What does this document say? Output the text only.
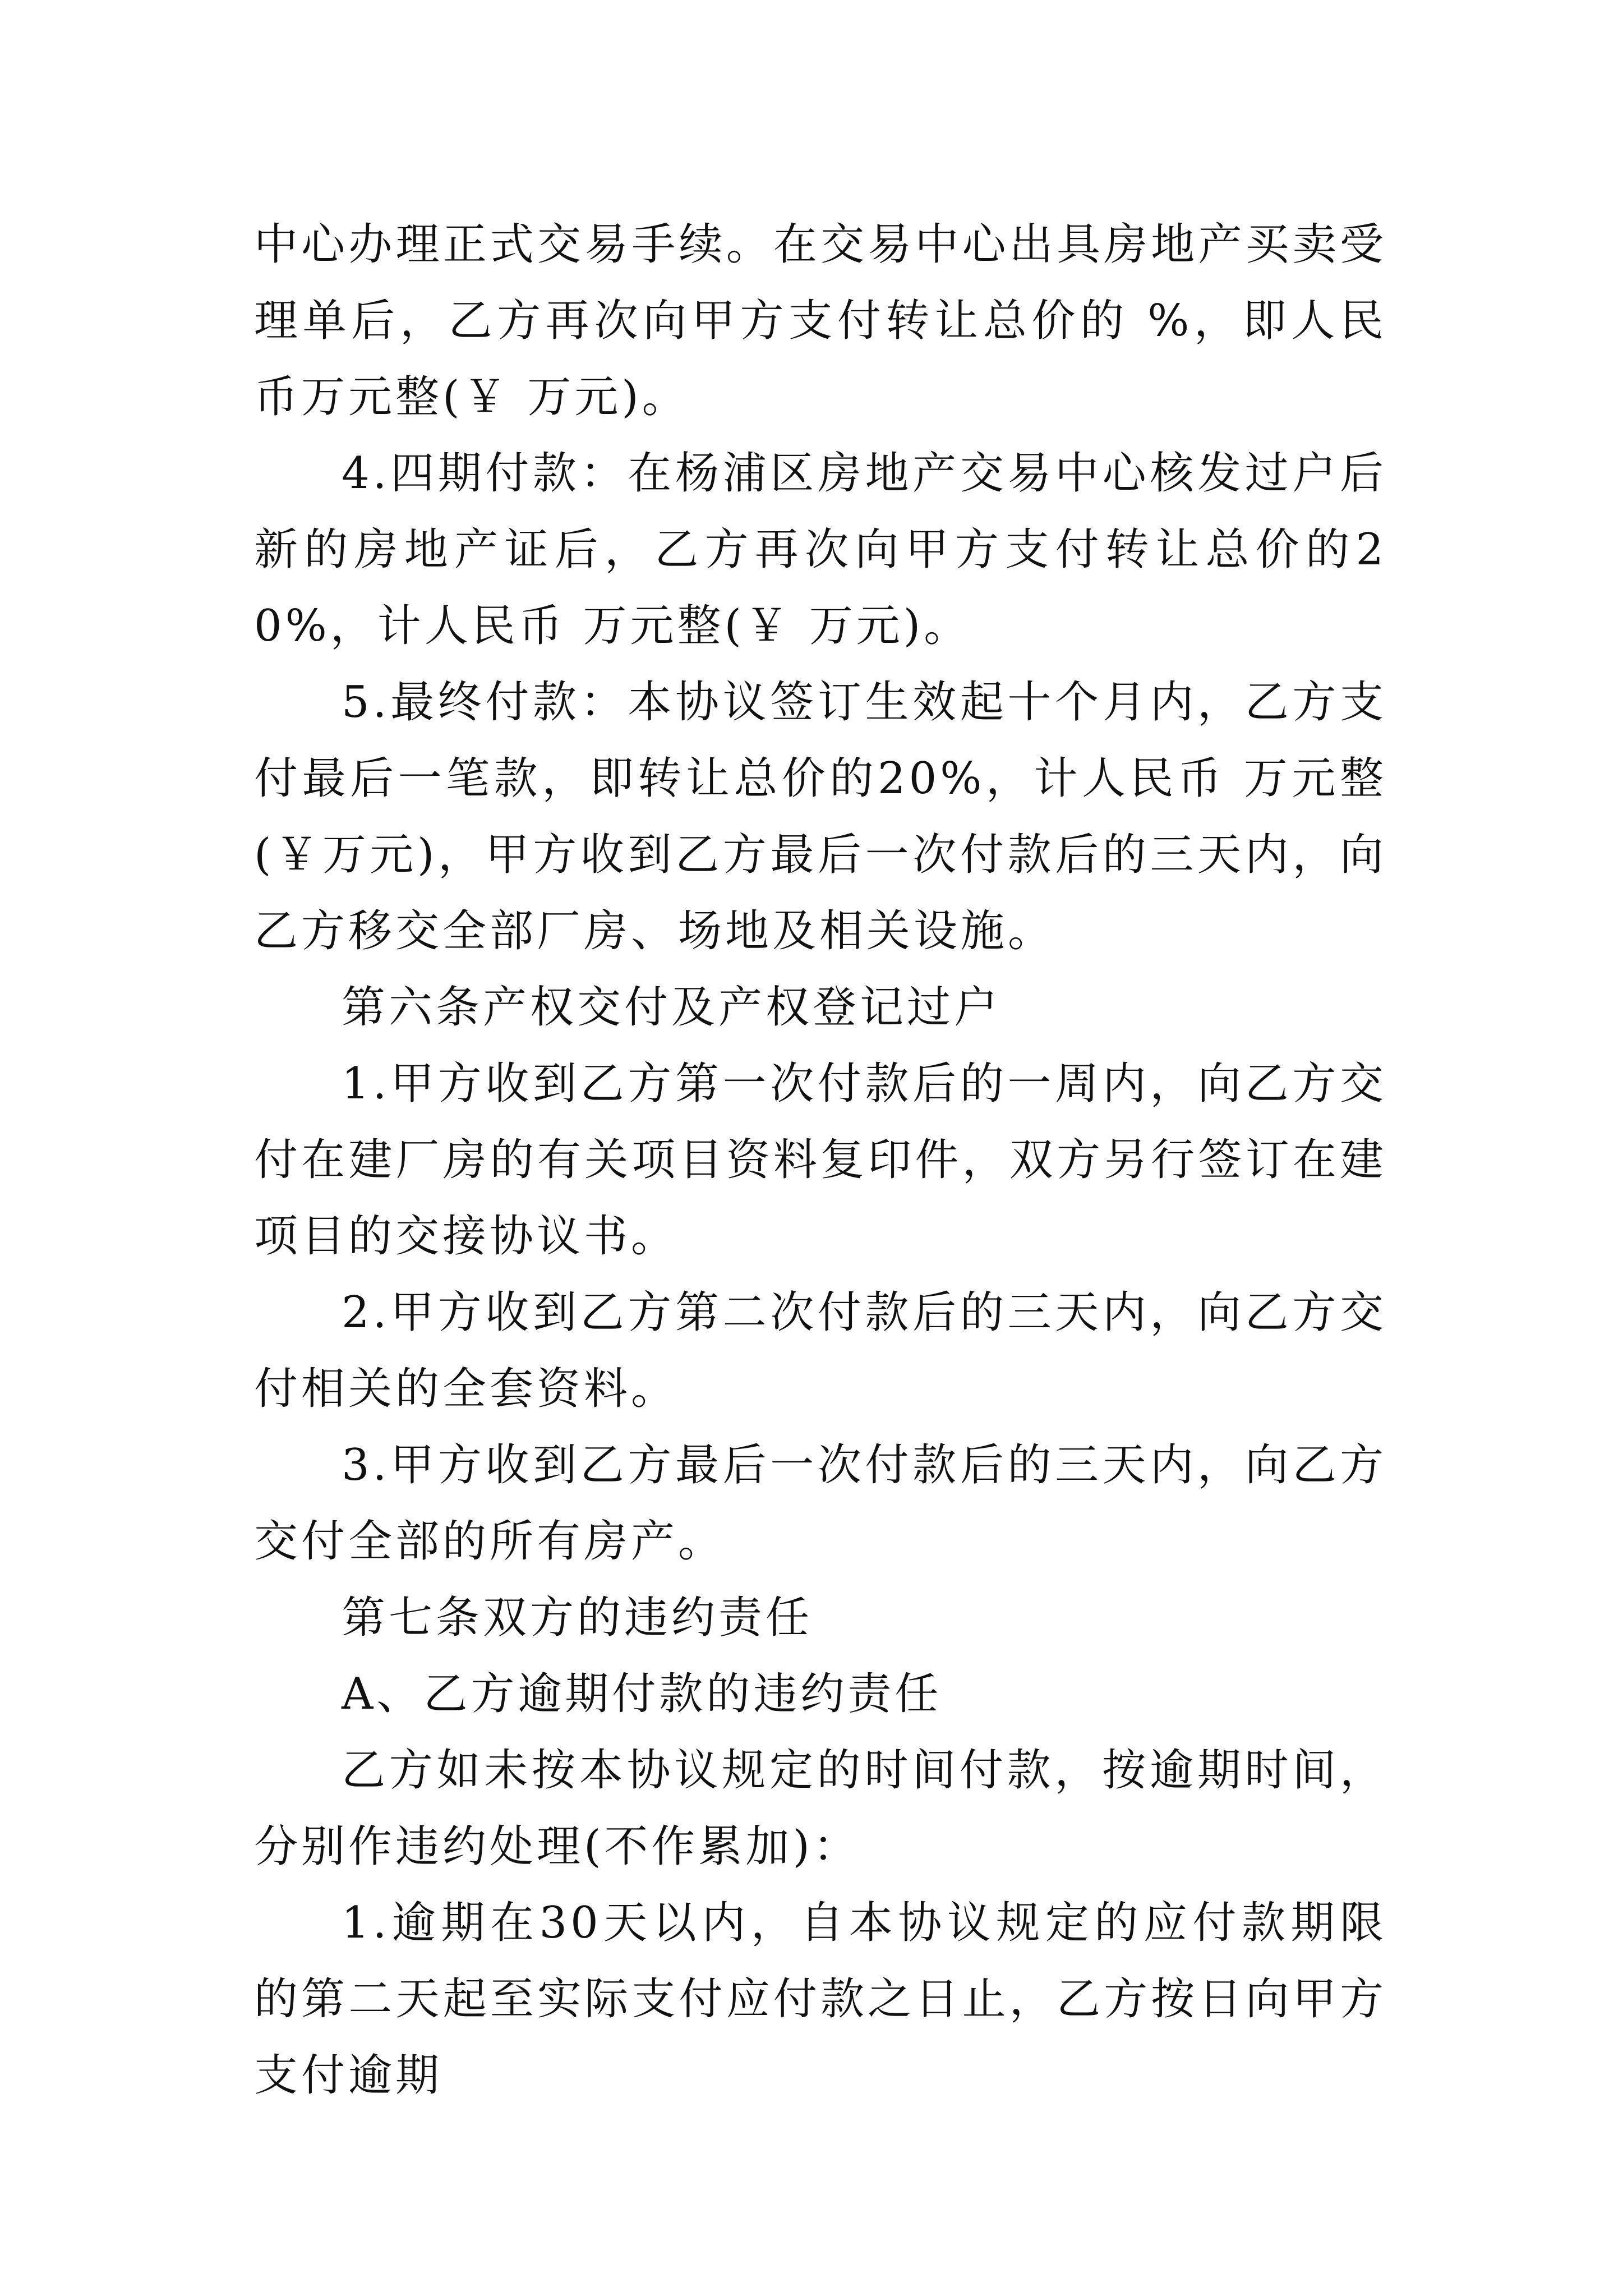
中心办理正式交易手续。在交易中心出具房地产买卖受理单后，乙方再次向甲方支付转让总价的 %，即人民币万元整(￥ 万元)。

4.四期付款：在杨浦区房地产交易中心核发过户后新的房地产证后，乙方再次向甲方支付转让总价的20%，计人民币 万元整(￥ 万元)。

5.最终付款：本协议签订生效起十个月内，乙方支付最后一笔款，即转让总价的20%，计人民币 万元整(￥万元)，甲方收到乙方最后一次付款后的三天内，向乙方移交全部厂房、场地及相关设施。

第六条产权交付及产权登记过户

1.甲方收到乙方第一次付款后的一周内，向乙方交付在建厂房的有关项目资料复印件，双方另行签订在建项目的交接协议书。

2.甲方收到乙方第二次付款后的三天内，向乙方交付相关的全套资料。

3.甲方收到乙方最后一次付款后的三天内，向乙方交付全部的所有房产。

第七条双方的违约责任

A、乙方逾期付款的违约责任

乙方如未按本协议规定的时间付款，按逾期时间，分别作违约处理(不作累加)：

1.逾期在30天以内，自本协议规定的应付款期限的第二天起至实际支付应付款之日止，乙方按日向甲方支付逾期
